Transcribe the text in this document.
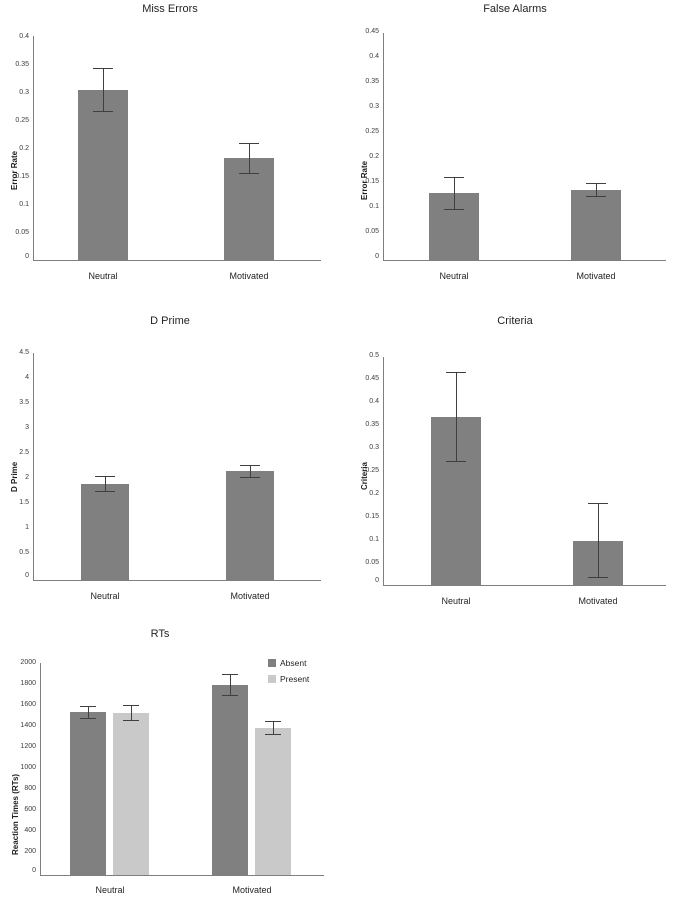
Miss Errors
Error Rate
0.4
0.35
0.3
0.25
0.2
0.15
0.1
0.05
0
Neutral	Motivated
False Alarms
Error Rate
0.45
0.4
0.35
0.3
0.25
0.2
0.15
0.1
0.05
0
Neutral	Motivated
D Prime
D Prime
4.5
4
3.5
3
2.5
2
1.5
1
0.5
0
Neutral	Motivated
Criteria
Criteria
0.5
0.45
0.4
0.35
0.3
0.25
0.2
0.15
0.1
0.05
0
Neutral	Motivated
RTs
Reaction Times (RTs)
2000
1800
1600
1400
1200
1000
800
600
400
200
0
Neutral	Motivated
Absent
Present
